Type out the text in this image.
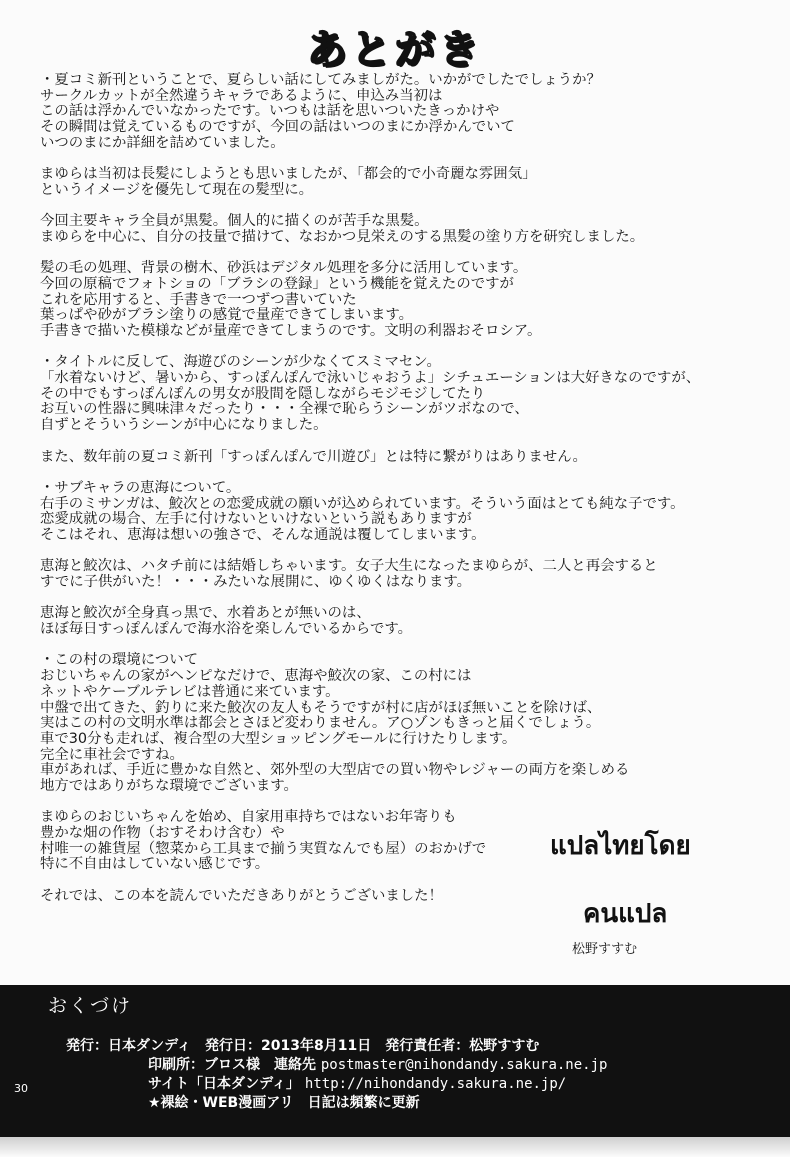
あとがき
・夏コミ新刊ということで、夏らしい話にしてみましがた。いかがでしたでしょうか？
サークルカットが全然違うキャラであるように、申込み当初は
この話は浮かんでいなかったです。いつもは話を思いついたきっかけや
その瞬間は覚えているものですが、今回の話はいつのまにか浮かんでいて
いつのまにか詳細を詰めていました。
まゆらは当初は長髪にしようとも思いましたが、「都会的で小奇麗な雰囲気」
というイメージを優先して現在の髪型に。
今回主要キャラ全員が黒髪。個人的に描くのが苦手な黒髪。
まゆらを中心に、自分の技量で描けて、なおかつ見栄えのする黒髪の塗り方を研究しました。
髪の毛の処理、背景の樹木、砂浜はデジタル処理を多分に活用しています。
今回の原稿でフォトショの「ブラシの登録」という機能を覚えたのですが
これを応用すると、手書きで一つずつ書いていた
葉っぱや砂がブラシ塗りの感覚で量産できてしまいます。
手書きで描いた模様などが量産できてしまうのです。文明の利器おそロシア。
・タイトルに反して、海遊びのシーンが少なくてスミマセン。
「水着ないけど、暑いから、すっぽんぽんで泳いじゃおうよ」シチュエーションは大好きなのですが、
その中でもすっぽんぽんの男女が股間を隠しながらモジモジしてたり
お互いの性器に興味津々だったり・・・全裸で恥らうシーンがツボなので、
自ずとそういうシーンが中心になりました。
また、数年前の夏コミ新刊「すっぽんぽんで川遊び」とは特に繋がりはありません。
・サブキャラの恵海について。
右手のミサンガは、鮫次との恋愛成就の願いが込められています。そういう面はとても純な子です。
恋愛成就の場合、左手に付けないといけないという説もありますが
そこはそれ、恵海は想いの強さで、そんな通説は覆してしまいます。
恵海と鮫次は、ハタチ前には結婚しちゃいます。女子大生になったまゆらが、二人と再会すると
すでに子供がいた！・・・みたいな展開に、ゆくゆくはなります。
恵海と鮫次が全身真っ黒で、水着あとが無いのは、
ほぼ毎日すっぽんぽんで海水浴を楽しんでいるからです。
・この村の環境について
おじいちゃんの家がヘンピなだけで、恵海や鮫次の家、この村には
ネットやケーブルテレビは普通に来ています。
中盤で出てきた、釣りに来た鮫次の友人もそうですが村に店がほぼ無いことを除けば、
実はこの村の文明水準は都会とさほど変わりません。ア○ゾンもきっと届くでしょう。
車で30分も走れば、複合型の大型ショッピングモールに行けたりします。
完全に車社会ですね。
車があれば、手近に豊かな自然と、郊外型の大型店での買い物やレジャーの両方を楽しめる
地方ではありがちな環境でございます。
まゆらのおじいちゃんを始め、自家用車持ちではないお年寄りも
豊かな畑の作物（おすそわけ含む）や
村唯一の雑貨屋（惣菜から工具まで揃う実質なんでも屋）のおかげで
特に不自由はしていない感じです。
それでは、この本を読んでいただきありがとうございました！
แปลไทยโดย
คนแปล
松野すすむ
おくづけ
発行：日本ダンディ　発行日：2013年8月11日　発行責任者：松野すすむ
印刷所：ブロス様　連絡先 postmaster@nihondandy.sakura.ne.jp
サイト「日本ダンディ」 http://nihondandy.sakura.ne.jp/
★裸絵・WEB漫画アリ　日記は頻繁に更新
30
